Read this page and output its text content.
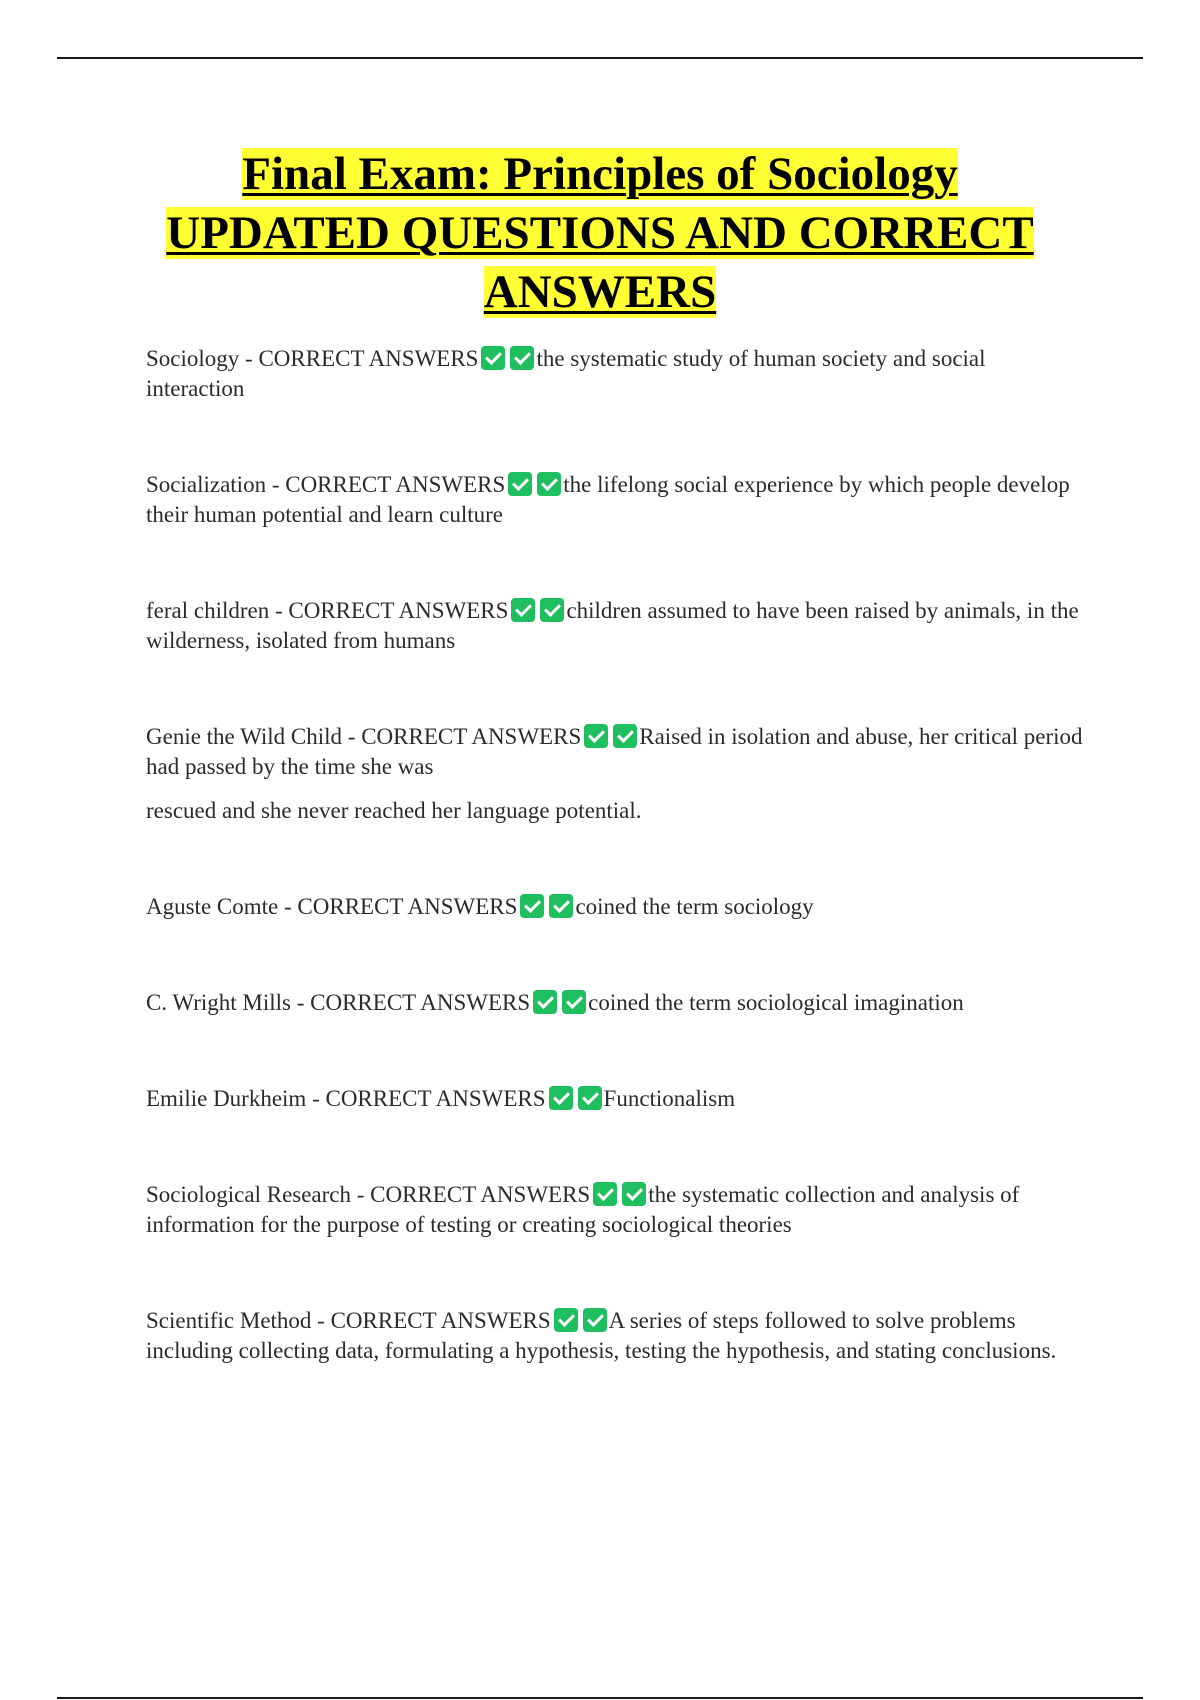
Final Exam: Principles of Sociology
UPDATED QUESTIONS AND CORRECT
ANSWERS

Sociology - CORRECT ANSWERS	the systematic study of human society and social interaction

Socialization - CORRECT ANSWERS	the lifelong social experience by which people develop their human potential and learn culture

feral children - CORRECT ANSWERS	children assumed to have been raised by animals, in the wilderness, isolated from humans

Genie the Wild Child - CORRECT ANSWERS	Raised in isolation and abuse, her critical period had passed by the time she was

rescued and she never reached her language potential.

Aguste Comte - CORRECT ANSWERS	coined the term sociology

C. Wright Mills - CORRECT ANSWERS	coined the term sociological imagination

Emilie Durkheim - CORRECT ANSWERS	Functionalism

Sociological Research - CORRECT ANSWERS	the systematic collection and analysis of information for the purpose of testing or creating sociological theories

Scientific Method - CORRECT ANSWERS	A series of steps followed to solve problems including collecting data, formulating a hypothesis, testing the hypothesis, and stating conclusions.
